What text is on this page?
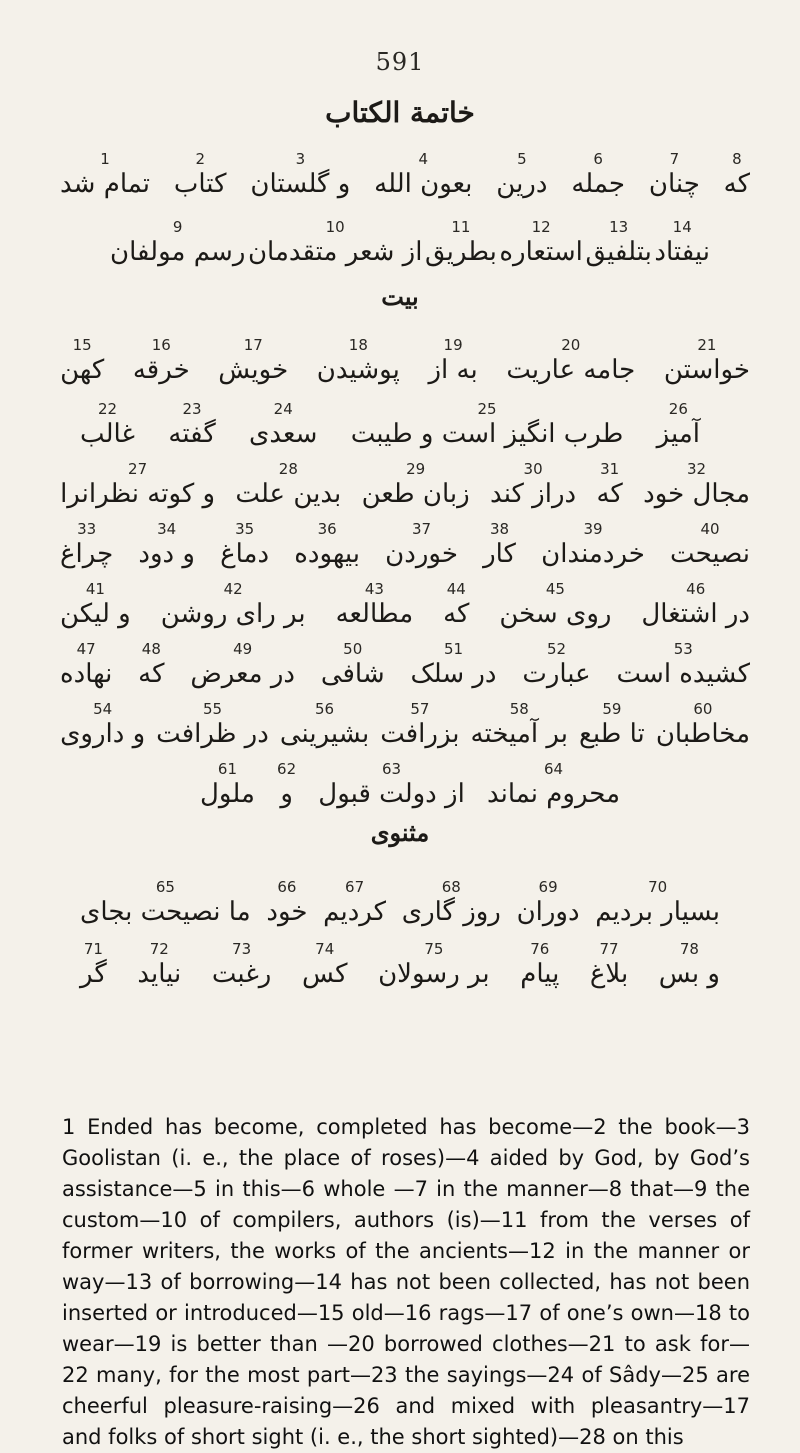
591
خاتمة الكتاب
8
که
7
چنان
6
جمله
5
درین
4
بعون الله
3
و گلستان
2
کتاب
1
تمام شد
14
نیفتاد
13
بتلفیق
12
استعاره
11
بطریق
10
از شعر متقدمان
9
رسم مولفان
بیت
21
خواستن
20
جامه عاریت
19
به از
18
پوشیدن
17
خویش
16
خرقه
15
کهن
26
آمیز
25
طرب انگیز است و طیبت
24
سعدی
23
گفته
22
غالب
32
مجال خود
31
که
30
دراز کند
29
زبان طعن
28
بدین علت
27
و کوته نظرانرا
40
نصیحت
39
خردمندان
38
کار
37
خوردن
36
بیهوده
35
دماغ
34
و دود
33
چراغ
46
در اشتغال
45
روی سخن
44
که
43
مطالعه
42
بر رای روشن
41
و لیکن
53
کشیده است
52
عبارت
51
در سلک
50
شافی
49
در معرض
48
که
47
نهاده
60
مخاطبان
59
تا طبع
58
بر آمیخته
57
بزرافت
56
بشیرینی
55
در ظرافت
54
و داروی
64
محروم نماند
63
از دولت قبول
62
و
61
ملول
مثنوی
70
بسیار بردیم
69
دوران
68
روز گاری
67
کردیم
66
خود
65
ما نصیحت بجای
78
و بس
77
بلاغ
76
پیام
75
بر رسولان
74
کس
73
رغبت
72
نیاید
71
گر
1 Ended has become, completed has become—2 the book—3 Goolistan (i. e., the place of roses)—4 aided by God, by God’s assistance—5 in this—6 whole —7 in the manner—8 that—9 the custom—10 of compilers, authors (is)—11 from the verses of former writers, the works of the ancients—12 in the manner or way—13 of borrowing—14 has not been collected, has not been inserted or introduced—15 old—16 rags—17 of one’s own—18 to wear—19 is better than —20 borrowed clothes—21 to ask for—22 many, for the most part—23 the sayings—24 of Sâdy—25 are cheerful pleasure-raising—26 and mixed with pleasantry—17 and folks of short sight (i. e., the short sighted)—28 on this
